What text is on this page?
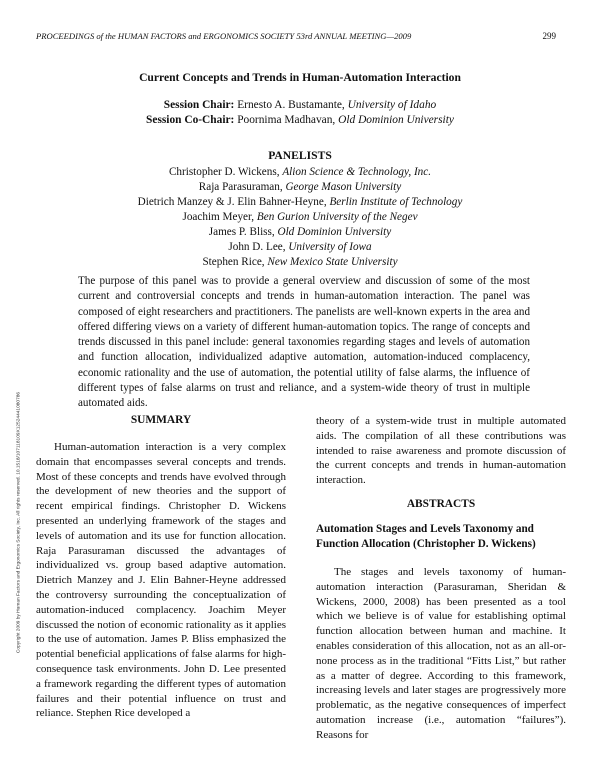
PROCEEDINGS of the HUMAN FACTORS and ERGONOMICS SOCIETY 53rd ANNUAL MEETING—2009	299
Current Concepts and Trends in Human-Automation Interaction
Session Chair: Ernesto A. Bustamante, University of Idaho
Session Co-Chair: Poornima Madhavan, Old Dominion University
PANELISTS
Christopher D. Wickens, Alion Science & Technology, Inc.
Raja Parasuraman, George Mason University
Dietrich Manzey & J. Elin Bahner-Heyne, Berlin Institute of Technology
Joachim Meyer, Ben Gurion University of the Negev
James P. Bliss, Old Dominion University
John D. Lee, University of Iowa
Stephen Rice, New Mexico State University
The purpose of this panel was to provide a general overview and discussion of some of the most current and controversial concepts and trends in human-automation interaction. The panel was composed of eight researchers and practitioners. The panelists are well-known experts in the area and offered differing views on a variety of different human-automation topics. The range of concepts and trends discussed in this panel include: general taxonomies regarding stages and levels of automation and function allocation, individualized adaptive automation, automation-induced complacency, economic rationality and the use of automation, the potential utility of false alarms, the influence of different types of false alarms on trust and reliance, and a system-wide theory of trust in multiple automated aids.
Copyright 2009 by Human Factors and Ergonomics Society, Inc. All rights reserved. 10.1518/107118109X12524441080786	SUMMARY

Human-automation interaction is a very complex domain that encompasses several concepts and trends. Most of these concepts and trends have evolved through the development of new theories and the support of recent empirical findings. Christopher D. Wickens presented an underlying framework of the stages and levels of automation and its use for function allocation. Raja Parasuraman discussed the advantages of individualized vs. group based adaptive automation. Dietrich Manzey and J. Elin Bahner-Heyne addressed the controversy surrounding the conceptualization of automation-induced complacency. Joachim Meyer discussed the notion of economic rationality as it applies to the use of automation. James P. Bliss emphasized the potential beneficial applications of false alarms for high-consequence task environments. John D. Lee presented a framework regarding the different types of automation failures and their potential influence on trust and reliance. Stephen Rice developed a

theory of a system-wide trust in multiple automated aids. The compilation of all these contributions was intended to raise awareness and promote discussion of the current concepts and trends in human-automation interaction.

ABSTRACTS
Automation Stages and Levels Taxonomy and Function Allocation (Christopher D. Wickens)

The stages and levels taxonomy of human-automation interaction (Parasuraman, Sheridan & Wickens, 2000, 2008) has been presented as a tool which we believe is of value for establishing optimal function allocation between human and machine. It enables consideration of this allocation, not as an all-or-none process as in the traditional “Fitts List,” but rather as a matter of degree. According to this framework, increasing levels and later stages are progressively more problematic, as the negative consequences of imperfect automation increase (i.e., automation “failures”). Reasons for
